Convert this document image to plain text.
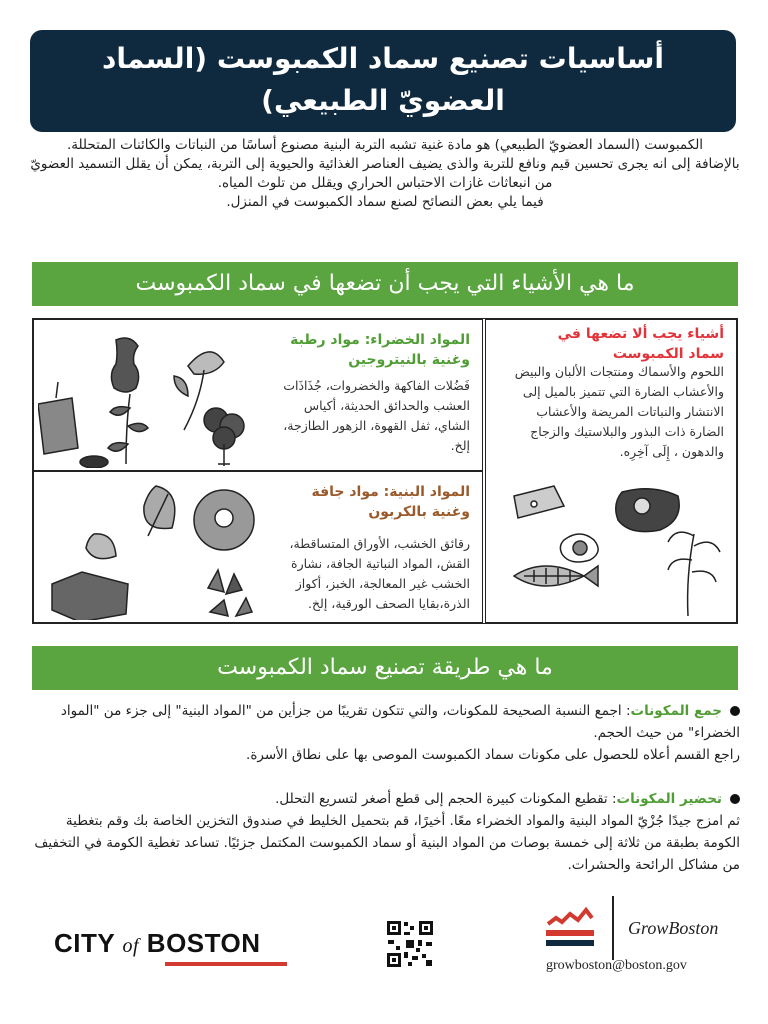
أساسيات تصنيع سماد الكمبوست (السماد العضويّ الطبيعي)

الكمبوست (السماد العضويّ الطبيعي) هو مادة غنية تشبه التربة البنية مصنوع أساسًا من النباتات والكائنات المتحللة.

بالإضافة إلى انه يجرى تحسين قيم ونافع للتربة والذى يضيف العناصر الغذائية والحيوية إلى التربة، يمكن أن يقلل التسميد العضويّ من انبعاثات غازات الاحتباس الحراري ويقلل من تلوث المياه.

فيما يلي بعض النصائح لصنع سماد الكمبوست في المنزل.

ما هي الأشياء التي يجب أن تضعها في سماد الكمبوست
المواد الخضراء: مواد رطبة وغنية بالنيتروجين
فَضُلات الفاكهة والخضروات، جُذَاذَات العشب والحدائق الحديثة، أكياس الشاي، ثفل القهوة، الزهور الطازجة، إلخ.
المواد البنية: مواد جافة وغنية بالكربون
رقائق الخشب، الأوراق المتساقطة، القش، المواد النباتية الجافة، نشارة الخشب غير المعالجة، الخبز، أكواز الذرة،بقايا الصحف الورقية، إلخ.
أشياء يجب ألا تضعها في سماد الكمبوست
اللحوم والأسماك ومنتجات الألبان والبيض والأعشاب الضارة التي تتميز بالميل إلى الانتشار والنباتات المريضة والأعشاب الضارة ذات البذور والبلاستيك والزجاج والدهون ، إِلَى آخِرِه.
ما هي طريقة تصنيع سماد الكمبوست
جمع المكونات: اجمع النسبة الصحيحة للمكونات، والتي تتكون تقريبًا من جزأين من "المواد البنية" إلى جزء من "المواد الخضراء" من حيث الحجم.
راجع القسم أعلاه للحصول على مكونات سماد الكمبوست الموصى بها على نطاق الأسرة.
تحضير المكونات: تقطيع المكونات كبيرة الحجم إلى قطع أصغر لتسريع التحلل.
ثم امزج جيدًا جُزْيّ المواد البنية والمواد الخضراء معًا. أخيرًا، قم بتحميل الخليط في صندوق التخزين الخاصة بك وقم بتغطية الكومة بطبقة من ثلاثة إلى خمسة بوصات من المواد البنية أو سماد الكمبوست المكتمل جزئيًا. تساعد تغطية الكومة في التخفيف من مشاكل الرائحة والحشرات.
CITY of BOSTON	GrowBoston
growboston@boston.gov
